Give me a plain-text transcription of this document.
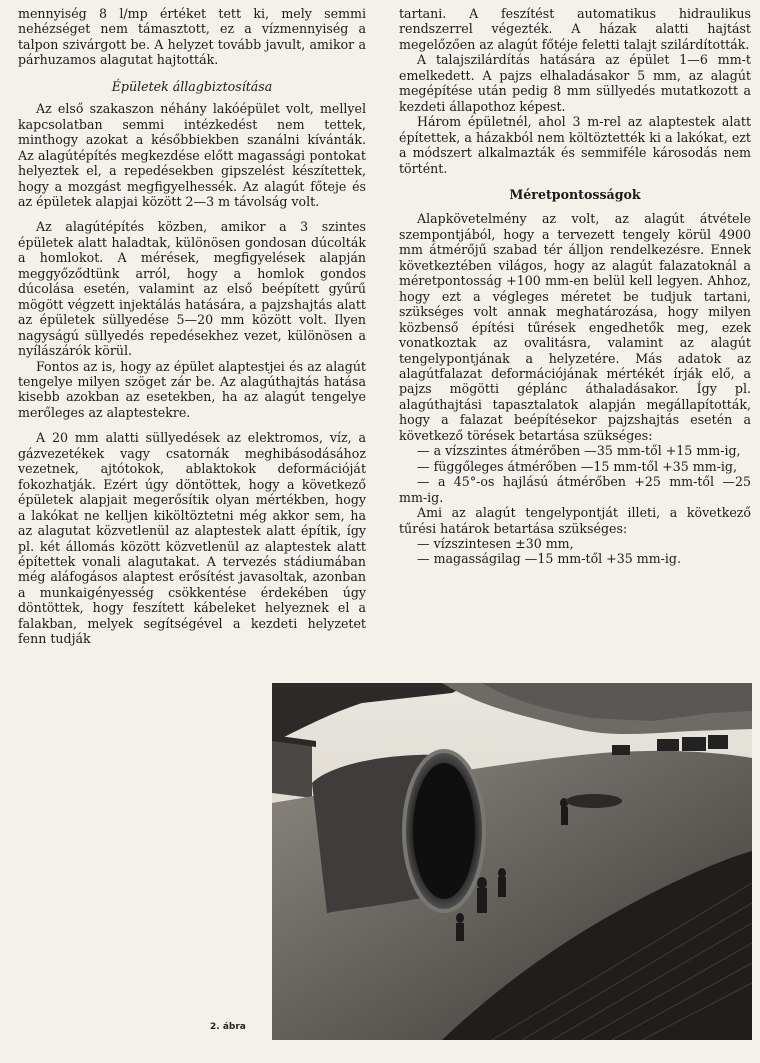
mennyiség 8 l/mp értéket tett ki, mely semmi nehézséget nem támasztott, ez a vízmennyiség a talpon szivárgott be. A helyzet tovább javult, amikor a párhuzamos alagutat hajtották.

Épületek állagbiztosítása

Az első szakaszon néhány lakóépület volt, mellyel kapcsolatban semmi intézkedést nem tettek, minthogy azokat a későbbiekben szanálni kívánták. Az alagútépítés megkezdése előtt magassági pontokat helyeztek el, a repedésekben gipszelést készítettek, hogy a mozgást megfigyelhessék. Az alagút főteje és az épületek alapjai között 2—3 m távolság volt.

Az alagútépítés közben, amikor a 3 szintes épületek alatt haladtak, különösen gondosan dúcolták a homlokot. A mérések, megfigyelések alapján meggyőződtünk arról, hogy a homlok gondos dúcolása esetén, valamint az első beépített gyűrű mögött végzett injektálás hatására, a pajzshajtás alatt az épületek süllyedése 5—20 mm között volt. Ilyen nagyságú süllyedés repedésekhez vezet, különösen a nyílászárók körül.

Fontos az is, hogy az épület alaptestjei és az alagút tengelye milyen szöget zár be. Az alagúthajtás hatása kisebb azokban az esetekben, ha az alagút tengelye merőleges az alaptestekre.

A 20 mm alatti süllyedések az elektromos, víz, a gázvezetékek vagy csatornák meghibásodásához vezetnek, ajtótokok, ablaktokok deformációját fokozhatják. Ezért úgy döntöttek, hogy a következő épületek alapjait megerősítik olyan mértékben, hogy a lakókat ne kelljen kiköltöztetni még akkor sem, ha az alagutat közvetlenül az alaptestek alatt építik, így pl. két állomás között közvetlenül az alaptestek alatt építettek vonali alagutakat. A tervezés stádiumában még aláfogásos alaptest erősítést javasoltak, azonban a munkaigényesség csökkentése érdekében úgy döntöttek, hogy feszített kábeleket helyeznek el a falakban, melyek segítségével a kezdeti helyzetet fenn tudják

tartani. A feszítést automatikus hidraulikus rendszerrel végezték. A házak alatti hajtást megelőzően az alagút főtéje feletti talajt szilárdították.

A talajszilárdítás hatására az épület 1—6 mm-t emelkedett. A pajzs elhaladásakor 5 mm, az alagút megépítése után pedig 8 mm süllyedés mutatkozott a kezdeti állapothoz képest.

Három épületnél, ahol 3 m-rel az alaptestek alatt építettek, a házakból nem költöztették ki a lakókat, ezt a módszert alkalmazták és semmiféle károsodás nem történt.

Méretpontosságok

Alapkövetelmény az volt, az alagút átvétele szempontjából, hogy a tervezett tengely körül 4900 mm átmérőjű szabad tér álljon rendelkezésre. Ennek következtében világos, hogy az alagút falazatoknál a méretpontosság +100 mm-en belül kell legyen. Ahhoz, hogy ezt a végleges méretet be tudjuk tartani, szükséges volt annak meghatározása, hogy milyen közbenső építési tűrések engedhetők meg, ezek vonatkoztak az ovalitásra, valamint az alagút tengelypontjának a helyzetére. Más adatok az alagútfalazat deformációjának mértékét írják elő, a pajzs mögötti géplánc áthaladásakor. Így pl. alagúthajtási tapasztalatok alapján megállapították, hogy a falazat beépítésekor pajzshajtás esetén a következő törések betartása szükséges:

— a vízszintes átmérőben —35 mm-től +15 mm-ig,

— függőleges átmérőben —15 mm-től +35 mm-ig,

— a 45°-os hajlású átmérőben +25 mm-től —25 mm-ig.

Ami az alagút tengelypontját illeti, a következő tűrési határok betartása szükséges:

— vízszintesen ±30 mm,

— magasságilag —15 mm-től +35 mm-ig.

2. ábra
